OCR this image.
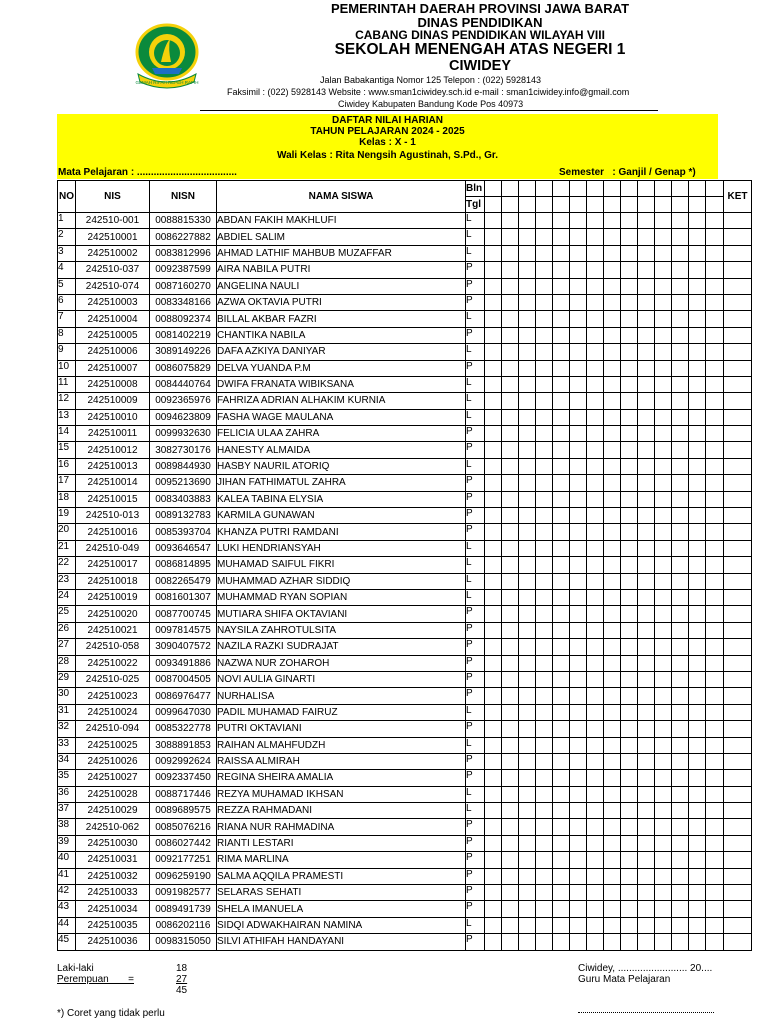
GEMAH RIPAH REPEH RAPIH
PEMERINTAH DAERAH PROVINSI JAWA BARAT
DINAS PENDIDIKAN
CABANG DINAS PENDIDIKAN WILAYAH VIII
SEKOLAH MENENGAH ATAS NEGERI 1
CIWIDEY
Jalan Babakantiga Nomor 125 Telepon : (022) 5928143
Faksimil : (022) 5928143 Website : www.sman1ciwidey.sch.id e-mail : sman1ciwidey.info@gmail.com
Ciwidey Kabupaten Bandung Kode Pos 40973
DAFTAR NILAI HARIAN
TAHUN PELAJARAN 2024 - 2025
Kelas : X - 1
Wali Kelas : Rita Nengsih Agustinah, S.Pd., Gr.
Mata Pelajaran : ....................................	Semester   : Ganjil / Genap *)
NO	NIS	NISN	NAMA SISWA	Bln															KET
				Tgl															
1	242510-001	0088815330	ABDAN FAKIH MAKHLUFI	L															
2	242510001	0086227882	ABDIEL SALIM	L															
3	242510002	0083812996	AHMAD LATHIF MAHBUB MUZAFFAR	L															
4	242510-037	0092387599	AIRA NABILA PUTRI	P															
5	242510-074	0087160270	ANGELINA NAULI	P															
6	242510003	0083348166	AZWA OKTAVIA PUTRI	P															
7	242510004	0088092374	BILLAL AKBAR FAZRI	L															
8	242510005	0081402219	CHANTIKA NABILA	P															
9	242510006	3089149226	DAFA AZKIYA DANIYAR	L															
10	242510007	0086075829	DELVA YUANDA P.M	P															
11	242510008	0084440764	DWIFA FRANATA WIBIKSANA	L															
12	242510009	0092365976	FAHRIZA ADRIAN ALHAKIM KURNIA	L															
13	242510010	0094623809	FASHA WAGE MAULANA	L															
14	242510011	0099932630	FELICIA ULAA ZAHRA	P															
15	242510012	3082730176	HANESTY ALMAIDA	P															
16	242510013	0089844930	HASBY NAURIL ATORIQ	L															
17	242510014	0095213690	JIHAN FATHIMATUL ZAHRA	P															
18	242510015	0083403883	KALEA TABINA ELYSIA	P															
19	242510-013	0089132783	KARMILA GUNAWAN	P															
20	242510016	0085393704	KHANZA PUTRI RAMDANI	P															
21	242510-049	0093646547	LUKI HENDRIANSYAH	L															
22	242510017	0086814895	MUHAMAD SAIFUL FIKRI	L															
23	242510018	0082265479	MUHAMMAD AZHAR SIDDIQ	L															
24	242510019	0081601307	MUHAMMAD RYAN SOPIAN	L															
25	242510020	0087700745	MUTIARA SHIFA OKTAVIANI	P															
26	242510021	0097814575	NAYSILA ZAHROTULSITA	P															
27	242510-058	3090407572	NAZILA RAZKI SUDRAJAT	P															
28	242510022	0093491886	NAZWA NUR ZOHAROH	P															
29	242510-025	0087004505	NOVI AULIA GINARTI	P															
30	242510023	0086976477	NURHALISA	P															
31	242510024	0099647030	PADIL MUHAMAD FAIRUZ	L															
32	242510-094	0085322778	PUTRI OKTAVIANI	P															
33	242510025	3088891853	RAIHAN ALMAHFUDZH	L															
34	242510026	0092992624	RAISSA ALMIRAH	P															
35	242510027	0092337450	REGINA SHEIRA AMALIA	P															
36	242510028	0088717446	REZYA MUHAMAD IKHSAN	L															
37	242510029	0089689575	REZZA RAHMADANI	L															
38	242510-062	0085076216	RIANA NUR RAHMADINA	P															
39	242510030	0086027442	RIANTI LESTARI	P															
40	242510031	0092177251	RIMA MARLINA	P															
41	242510032	0096259190	SALMA AQQILA PRAMESTI	P															
42	242510033	0091982577	SELARAS SEHATI	P															
43	242510034	0089491739	SHELA IMANUELA	P															
44	242510035	0086202116	SIDQI ADWAKHAIRAN NAMINA	L															
45	242510036	0098315050	SILVI ATHIFAH HANDAYANI	P															
Laki-laki	18
Perempuan       =	27
45
*) Coret yang tidak perlu
Ciwidey, ......................... 20....
Guru Mata Pelajaran
